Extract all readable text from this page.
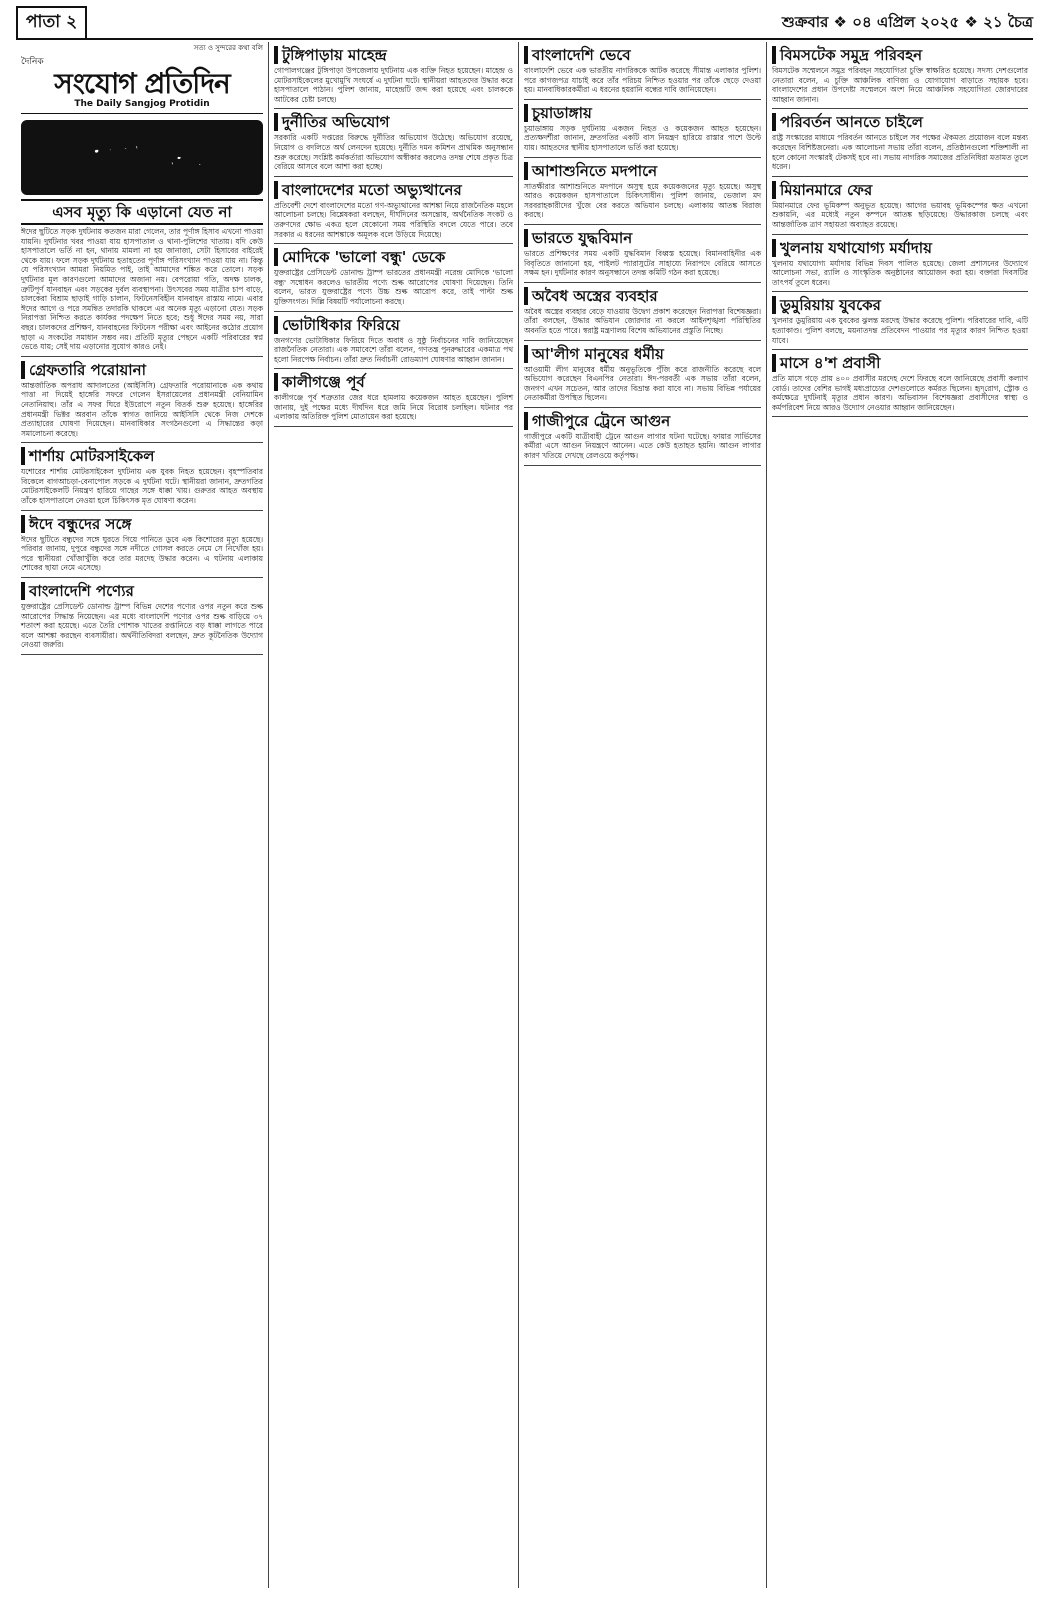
পাতা ২	শুক্রবার ❖ ০৪ এপ্রিল ২০২৫ ❖ ২১ চৈত্র
সত্য ও সুন্দরের কথা বলি
দৈনিক
সংযোগ প্রতিদিন
The Daily Sangjog Protidin
সম্পাদকীয়
এসব মৃত্যু কি এড়ানো যেত না

ঈদের ছুটিতে সড়ক দুর্ঘটনায় কতজন মারা গেলেন, তার পূর্ণাঙ্গ হিসাব এখনো পাওয়া যায়নি। দুর্ঘটনার খবর পাওয়া যায় হাসপাতাল ও থানা-পুলিশের খাতায়। যদি কেউ হাসপাতালে ভর্তি না হন, থানায় মামলা না হয় জানাজা, সেটা হিসাবের বাইরেই থেকে যায়। ফলে সড়ক দুর্ঘটনায় হতাহতের পূর্ণাঙ্গ পরিসংখ্যান পাওয়া যায় না। কিন্তু যে পরিসংখ্যান আমরা নিয়মিত পাই, তাই আমাদের শঙ্কিত করে তোলে। সড়ক দুর্ঘটনার মূল কারণগুলো আমাদের অজানা নয়। বেপরোয়া গতি, অদক্ষ চালক, ত্রুটিপূর্ণ যানবাহন এবং সড়কের দুর্বল ব্যবস্থাপনা। উৎসবের সময় যাত্রীর চাপ বাড়ে, চালকেরা বিশ্রাম ছাড়াই গাড়ি চালান, ফিটনেসবিহীন যানবাহন রাস্তায় নামে। এবার ঈদের আগে ও পরে সমন্বিত তদারকি থাকলে এর অনেক মৃত্যু এড়ানো যেত। সড়ক নিরাপত্তা নিশ্চিত করতে কার্যকর পদক্ষেপ নিতে হবে; শুধু ঈদের সময় নয়, সারা বছর। চালকদের প্রশিক্ষণ, যানবাহনের ফিটনেস পরীক্ষা এবং আইনের কঠোর প্রয়োগ ছাড়া এ সংকটের সমাধান সম্ভব নয়। প্রতিটি মৃত্যুর পেছনে একটি পরিবারের স্বপ্ন ভেঙে যায়; সেই দায় এড়ানোর সুযোগ কারও নেই।

গ্রেফতারি পরোয়ানা

আন্তর্জাতিক অপরাধ আদালতের (আইসিসি) গ্রেফতারি পরোয়ানাকে এক কথায় পাত্তা না দিয়েই হাঙ্গেরি সফরে গেলেন ইসরায়েলের প্রধানমন্ত্রী বেনিয়ামিন নেতানিয়াহু। তাঁর এ সফর ঘিরে ইউরোপে নতুন বিতর্ক শুরু হয়েছে। হাঙ্গেরির প্রধানমন্ত্রী ভিক্টর অরবান তাঁকে স্বাগত জানিয়ে আইসিসি থেকে নিজ দেশকে প্রত্যাহারের ঘোষণা দিয়েছেন। মানবাধিকার সংগঠনগুলো এ সিদ্ধান্তের কড়া সমালোচনা করেছে।

শার্শায় মোটরসাইকেল

যশোরের শার্শায় মোটরসাইকেল দুর্ঘটনায় এক যুবক নিহত হয়েছেন। বৃহস্পতিবার বিকেলে বাগআচড়া-বেনাপোল সড়কে এ দুর্ঘটনা ঘটে। স্থানীয়রা জানান, দ্রুতগতির মোটরসাইকেলটি নিয়ন্ত্রণ হারিয়ে গাছের সঙ্গে ধাক্কা খায়। গুরুতর আহত অবস্থায় তাঁকে হাসপাতালে নেওয়া হলে চিকিৎসক মৃত ঘোষণা করেন।

ঈদে বন্ধুদের সঙ্গে

ঈদের ছুটিতে বন্ধুদের সঙ্গে ঘুরতে গিয়ে পানিতে ডুবে এক কিশোরের মৃত্যু হয়েছে। পরিবার জানায়, দুপুরে বন্ধুদের সঙ্গে নদীতে গোসল করতে নেমে সে নিখোঁজ হয়। পরে স্থানীয়রা খোঁজাখুঁজি করে তার মরদেহ উদ্ধার করেন। এ ঘটনায় এলাকায় শোকের ছায়া নেমে এসেছে।

বাংলাদেশি পণ্যের

যুক্তরাষ্ট্রের প্রেসিডেন্ট ডোনাল্ড ট্রাম্প বিভিন্ন দেশের পণ্যের ওপর নতুন করে শুল্ক আরোপের সিদ্ধান্ত নিয়েছেন। এর মধ্যে বাংলাদেশি পণ্যের ওপর শুল্ক বাড়িয়ে ৩৭ শতাংশ করা হয়েছে। এতে তৈরি পোশাক খাতের রপ্তানিতে বড় ধাক্কা লাগতে পারে বলে আশঙ্কা করছেন ব্যবসায়ীরা। অর্থনীতিবিদরা বলছেন, দ্রুত কূটনৈতিক উদ্যোগ নেওয়া জরুরি।

টুঙ্গিপাড়ায় মাহেন্দ্র

গোপালগঞ্জের টুঙ্গিপাড়া উপজেলায় দুর্ঘটনায় এক ব্যক্তি নিহত হয়েছেন। মাহেন্দ্র ও মোটরসাইকেলের মুখোমুখি সংঘর্ষে এ দুর্ঘটনা ঘটে। স্থানীয়রা আহতদের উদ্ধার করে হাসপাতালে পাঠান। পুলিশ জানায়, মাহেন্দ্রটি জব্দ করা হয়েছে এবং চালককে আটকের চেষ্টা চলছে।

দুর্নীতির অভিযোগ

সরকারি একটি দপ্তরের বিরুদ্ধে দুর্নীতির অভিযোগ উঠেছে। অভিযোগ রয়েছে, নিয়োগ ও বদলিতে অর্থ লেনদেন হয়েছে। দুর্নীতি দমন কমিশন প্রাথমিক অনুসন্ধান শুরু করেছে। সংশ্লিষ্ট কর্মকর্তারা অভিযোগ অস্বীকার করলেও তদন্ত শেষে প্রকৃত চিত্র বেরিয়ে আসবে বলে আশা করা হচ্ছে।

বাংলাদেশের মতো অভ্যুত্থানের

প্রতিবেশী দেশে বাংলাদেশের মতো গণ-অভ্যুত্থানের আশঙ্কা নিয়ে রাজনৈতিক মহলে আলোচনা চলছে। বিশ্লেষকরা বলছেন, দীর্ঘদিনের অসন্তোষ, অর্থনৈতিক সংকট ও তরুণদের ক্ষোভ একত্র হলে যেকোনো সময় পরিস্থিতি বদলে যেতে পারে। তবে সরকার এ ধরনের আশঙ্কাকে অমূলক বলে উড়িয়ে দিয়েছে।

মোদিকে 'ভালো বন্ধু' ডেকে

যুক্তরাষ্ট্রের প্রেসিডেন্ট ডোনাল্ড ট্রাম্প ভারতের প্রধানমন্ত্রী নরেন্দ্র মোদিকে 'ভালো বন্ধু' সম্বোধন করলেও ভারতীয় পণ্যে শুল্ক আরোপের ঘোষণা দিয়েছেন। তিনি বলেন, ভারত যুক্তরাষ্ট্রের পণ্যে উচ্চ শুল্ক আরোপ করে, তাই পাল্টা শুল্ক যুক্তিসংগত। দিল্লি বিষয়টি পর্যালোচনা করছে।

ভোটাধিকার ফিরিয়ে

জনগণের ভোটাধিকার ফিরিয়ে দিতে অবাধ ও সুষ্ঠু নির্বাচনের দাবি জানিয়েছেন রাজনৈতিক নেতারা। এক সমাবেশে তাঁরা বলেন, গণতন্ত্র পুনরুদ্ধারের একমাত্র পথ হলো নিরপেক্ষ নির্বাচন। তাঁরা দ্রুত নির্বাচনী রোডম্যাপ ঘোষণার আহ্বান জানান।

কালীগঞ্জে পূর্ব

কালীগঞ্জে পূর্ব শত্রুতার জের ধরে হামলায় কয়েকজন আহত হয়েছেন। পুলিশ জানায়, দুই পক্ষের মধ্যে দীর্ঘদিন ধরে জমি নিয়ে বিরোধ চলছিল। ঘটনার পর এলাকায় অতিরিক্ত পুলিশ মোতায়েন করা হয়েছে।

বাংলাদেশি ভেবে

বাংলাদেশি ভেবে এক ভারতীয় নাগরিককে আটক করেছে সীমান্ত এলাকার পুলিশ। পরে কাগজপত্র যাচাই করে তাঁর পরিচয় নিশ্চিত হওয়ার পর তাঁকে ছেড়ে দেওয়া হয়। মানবাধিকারকর্মীরা এ ধরনের হয়রানি বন্ধের দাবি জানিয়েছেন।

চুয়াডাঙ্গায়

চুয়াডাঙ্গায় সড়ক দুর্ঘটনায় একজন নিহত ও কয়েকজন আহত হয়েছেন। প্রত্যক্ষদর্শীরা জানান, দ্রুতগতির একটি বাস নিয়ন্ত্রণ হারিয়ে রাস্তার পাশে উল্টে যায়। আহতদের স্থানীয় হাসপাতালে ভর্তি করা হয়েছে।

আশাশুনিতে মদপানে

সাতক্ষীরার আশাশুনিতে মদপানে অসুস্থ হয়ে কয়েকজনের মৃত্যু হয়েছে। অসুস্থ আরও কয়েকজন হাসপাতালে চিকিৎসাধীন। পুলিশ জানায়, ভেজাল মদ সরবরাহকারীদের খুঁজে বের করতে অভিযান চলছে। এলাকায় আতঙ্ক বিরাজ করছে।

ভারতে যুদ্ধবিমান

ভারতে প্রশিক্ষণের সময় একটি যুদ্ধবিমান বিধ্বস্ত হয়েছে। বিমানবাহিনীর এক বিবৃতিতে জানানো হয়, পাইলট প্যারাসুটের সাহায্যে নিরাপদে বেরিয়ে আসতে সক্ষম হন। দুর্ঘটনার কারণ অনুসন্ধানে তদন্ত কমিটি গঠন করা হয়েছে।

অবৈধ অস্ত্রের ব্যবহার

অবৈধ অস্ত্রের ব্যবহার বেড়ে যাওয়ায় উদ্বেগ প্রকাশ করেছেন নিরাপত্তা বিশেষজ্ঞরা। তাঁরা বলছেন, উদ্ধার অভিযান জোরদার না করলে আইনশৃঙ্খলা পরিস্থিতির অবনতি হতে পারে। স্বরাষ্ট্র মন্ত্রণালয় বিশেষ অভিযানের প্রস্তুতি নিচ্ছে।

আ'লীগ মানুষের ধর্মীয়

আওয়ামী লীগ মানুষের ধর্মীয় অনুভূতিকে পুঁজি করে রাজনীতি করেছে বলে অভিযোগ করেছেন বিএনপির নেতারা। ঈদ-পরবর্তী এক সভায় তাঁরা বলেন, জনগণ এখন সচেতন, আর তাদের বিভ্রান্ত করা যাবে না। সভায় বিভিন্ন পর্যায়ের নেতাকর্মীরা উপস্থিত ছিলেন।

গাজীপুরে ট্রেনে আগুন

গাজীপুরে একটি যাত্রীবাহী ট্রেনে আগুন লাগার ঘটনা ঘটেছে। ফায়ার সার্ভিসের কর্মীরা এসে আগুন নিয়ন্ত্রণে আনেন। এতে কেউ হতাহত হয়নি। আগুন লাগার কারণ খতিয়ে দেখছে রেলওয়ে কর্তৃপক্ষ।

বিমসটেক সমুদ্র পরিবহন

বিমসটেক সম্মেলনে সমুদ্র পরিবহন সহযোগিতা চুক্তি স্বাক্ষরিত হয়েছে। সদস্য দেশগুলোর নেতারা বলেন, এ চুক্তি আঞ্চলিক বাণিজ্য ও যোগাযোগ বাড়াতে সহায়ক হবে। বাংলাদেশের প্রধান উপদেষ্টা সম্মেলনে অংশ নিয়ে আঞ্চলিক সহযোগিতা জোরদারের আহ্বান জানান।

পরিবর্তন আনতে চাইলে

রাষ্ট্র সংস্কারের মাধ্যমে পরিবর্তন আনতে চাইলে সব পক্ষের ঐকমত্য প্রয়োজন বলে মন্তব্য করেছেন বিশিষ্টজনেরা। এক আলোচনা সভায় তাঁরা বলেন, প্রতিষ্ঠানগুলো শক্তিশালী না হলে কোনো সংস্কারই টেকসই হবে না। সভায় নাগরিক সমাজের প্রতিনিধিরা মতামত তুলে ধরেন।

মিয়ানমারে ফের

মিয়ানমারে ফের ভূমিকম্প অনুভূত হয়েছে। আগের ভয়াবহ ভূমিকম্পের ক্ষত এখনো শুকায়নি, এর মধ্যেই নতুন কম্পনে আতঙ্ক ছড়িয়েছে। উদ্ধারকাজ চলছে এবং আন্তর্জাতিক ত্রাণ সহায়তা অব্যাহত রয়েছে।

খুলনায় যথাযোগ্য মর্যাদায়

খুলনায় যথাযোগ্য মর্যাদায় বিভিন্ন দিবস পালিত হয়েছে। জেলা প্রশাসনের উদ্যোগে আলোচনা সভা, র‍্যালি ও সাংস্কৃতিক অনুষ্ঠানের আয়োজন করা হয়। বক্তারা দিবসটির তাৎপর্য তুলে ধরেন।

ডুমুরিয়ায় যুবকের

খুলনার ডুমুরিয়ায় এক যুবকের ঝুলন্ত মরদেহ উদ্ধার করেছে পুলিশ। পরিবারের দাবি, এটি হত্যাকাণ্ড। পুলিশ বলছে, ময়নাতদন্ত প্রতিবেদন পাওয়ার পর মৃত্যুর কারণ নিশ্চিত হওয়া যাবে।

মাসে ৪'শ প্রবাসী

প্রতি মাসে গড়ে প্রায় ৪০০ প্রবাসীর মরদেহ দেশে ফিরছে বলে জানিয়েছে প্রবাসী কল্যাণ বোর্ড। তাদের বেশির ভাগই মধ্যপ্রাচ্যের দেশগুলোতে কর্মরত ছিলেন। হৃদ্‌রোগ, স্ট্রোক ও কর্মক্ষেত্রে দুর্ঘটনাই মৃত্যুর প্রধান কারণ। অভিবাসন বিশেষজ্ঞরা প্রবাসীদের স্বাস্থ্য ও কর্মপরিবেশ নিয়ে আরও উদ্যোগ নেওয়ার আহ্বান জানিয়েছেন।
